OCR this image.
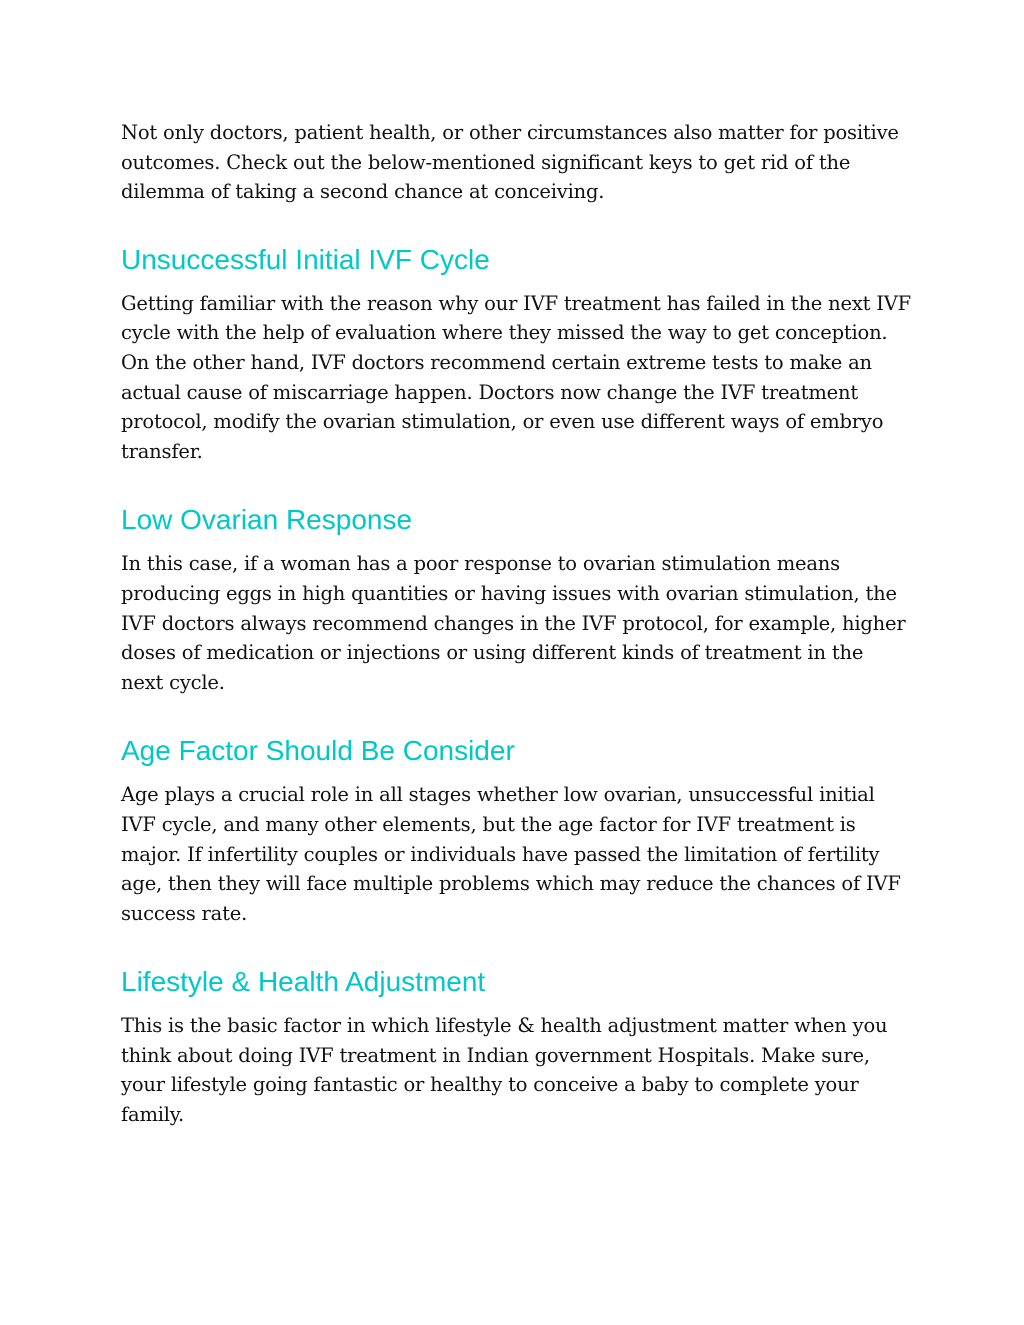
Not only doctors, patient health, or other circumstances also matter for positive outcomes. Check out the below-mentioned significant keys to get rid of the dilemma of taking a second chance at conceiving.

Unsuccessful Initial IVF Cycle

Getting familiar with the reason why our IVF treatment has failed in the next IVF cycle with the help of evaluation where they missed the way to get conception. On the other hand, IVF doctors recommend certain extreme tests to make an actual cause of miscarriage happen. Doctors now change the IVF treatment protocol, modify the ovarian stimulation, or even use different ways of embryo transfer.

Low Ovarian Response

In this case, if a woman has a poor response to ovarian stimulation means producing eggs in high quantities or having issues with ovarian stimulation, the IVF doctors always recommend changes in the IVF protocol, for example, higher doses of medication or injections or using different kinds of treatment in the next cycle.

Age Factor Should Be Consider

Age plays a crucial role in all stages whether low ovarian, unsuccessful initial IVF cycle, and many other elements, but the age factor for IVF treatment is major. If infertility couples or individuals have passed the limitation of fertility age, then they will face multiple problems which may reduce the chances of IVF success rate.

Lifestyle & Health Adjustment

This is the basic factor in which lifestyle & health adjustment matter when you think about doing IVF treatment in Indian government Hospitals. Make sure, your lifestyle going fantastic or healthy to conceive a baby to complete your family.
